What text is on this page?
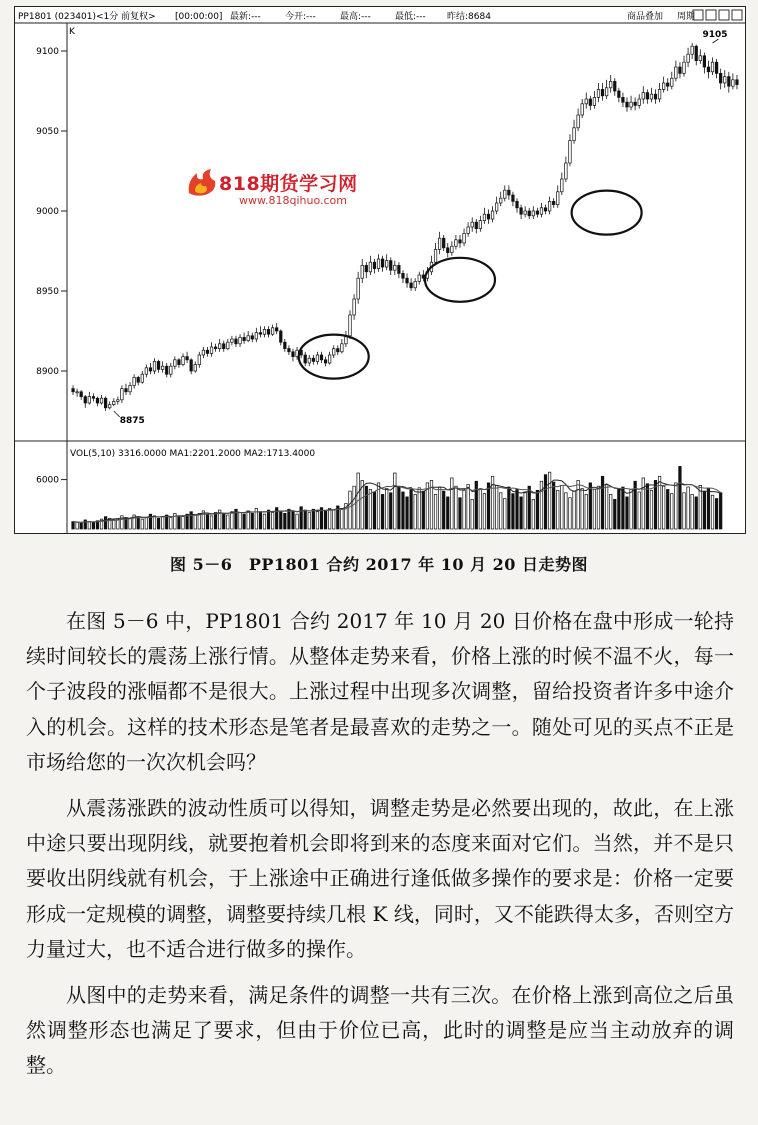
PP1801 (023401)<1分 前复权> [00:00:00] 最新:---	今开:---	最高:---	最低:--- 昨结:8684	商品叠加 周期
K
VOL(5,10) 3316.0000 MA1:2201.2000 MA2:1713.4000
8900
8950
9000
9050
9100
6000
8875
9105
818期货学习网
www.818qihuo.com
图 5－6　PP1801 合约 2017 年 10 月 20 日走势图

在图 5－6 中，PP1801 合约 2017 年 10 月 20 日价格在盘中形成一轮持续时间较长的震荡上涨行情。从整体走势来看，价格上涨的时候不温不火，每一个子波段的涨幅都不是很大。上涨过程中出现多次调整，留给投资者许多中途介入的机会。这样的技术形态是笔者是最喜欢的走势之一。随处可见的买点不正是市场给您的一次次机会吗？

从震荡涨跌的波动性质可以得知，调整走势是必然要出现的，故此，在上涨中途只要出现阴线，就要抱着机会即将到来的态度来面对它们。当然，并不是只要收出阴线就有机会，于上涨途中正确进行逢低做多操作的要求是：价格一定要形成一定规模的调整，调整要持续几根 K 线，同时，又不能跌得太多，否则空方力量过大，也不适合进行做多的操作。

从图中的走势来看，满足条件的调整一共有三次。在价格上涨到高位之后虽然调整形态也满足了要求，但由于价位已高，此时的调整是应当主动放弃的调整。
